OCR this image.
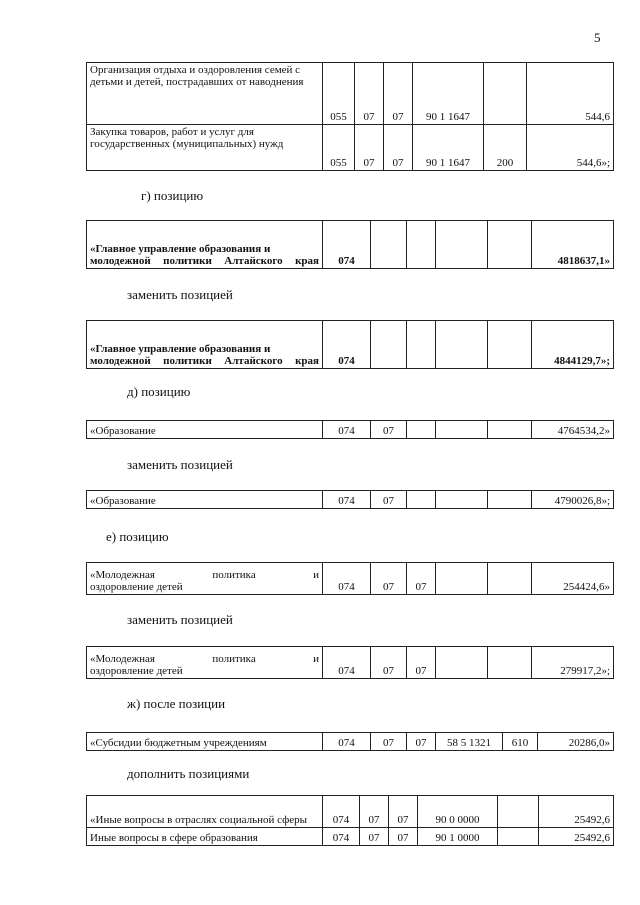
5
Организация отдыха и оздоровления семей с детьми и детей, пострадавших от наводнения	055	07	07	90 1 1647		544,6
Закупка товаров, работ и услуг для государственных (муниципальных) нужд	055	07	07	90 1 1647	200	544,6»;
г) позицию
«Главное управление образования и молодежной политики Алтайского края	074					4818637,1»
заменить позицией
«Главное управление образования и молодежной политики Алтайского края	074					4844129,7»;
д) позицию
«Образование	074	07				4764534,2»
заменить позицией
«Образование	074	07				4790026,8»;
е) позицию
«Молодежная политика и
оздоровление детей	074	07	07			254424,6»
заменить позицией
«Молодежная политика и
оздоровление детей	074	07	07			279917,2»;
ж) после позиции
«Субсидии бюджетным учреждениям	074	07	07	58 5 1321	610	20286,0»
дополнить позициями
«Иные вопросы в отраслях социальной сферы	074	07	07	90 0 0000		25492,6
Иные вопросы в сфере образования	074	07	07	90 1 0000		25492,6
